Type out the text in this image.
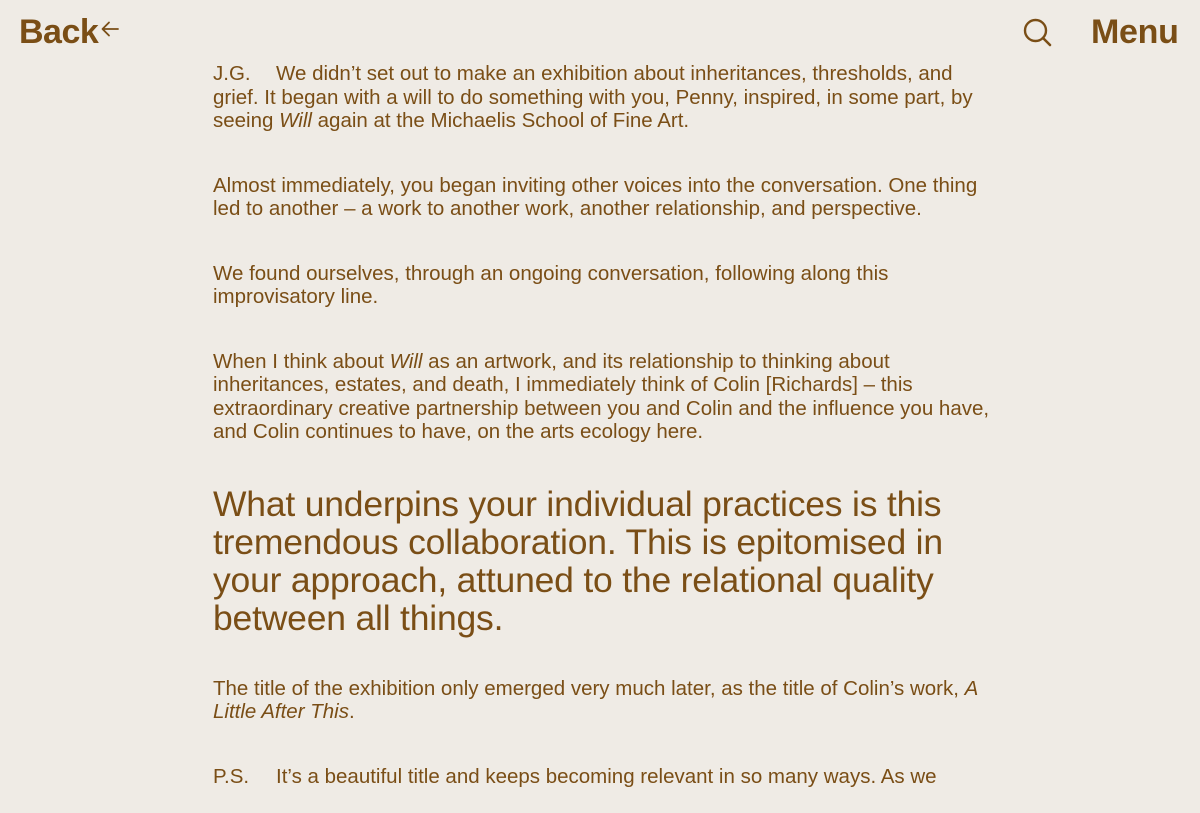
Back	Menu

J.G. We didn’t set out to make an exhibition about inheritances, thresholds, and grief. It began with a will to do something with you, Penny, inspired, in some part, by seeing Will again at the Michaelis School of Fine Art.

Almost immediately, you began inviting other voices into the conversation. One thing led to another – a work to another work, another relationship, and perspective.

We found ourselves, through an ongoing conversation, following along this improvisatory line.

When I think about Will as an artwork, and its relationship to thinking about inheritances, estates, and death, I immediately think of Colin [Richards] – this extraordinary creative partnership between you and Colin and the influence you have, and Colin continues to have, on the arts ecology here.

What underpins your individual practices is this tremendous collaboration. This is epitomised in your approach, attuned to the relational quality between all things.

The title of the exhibition only emerged very much later, as the title of Colin’s work, A Little After This.

P.S. It’s a beautiful title and keeps becoming relevant in so many ways. As we
